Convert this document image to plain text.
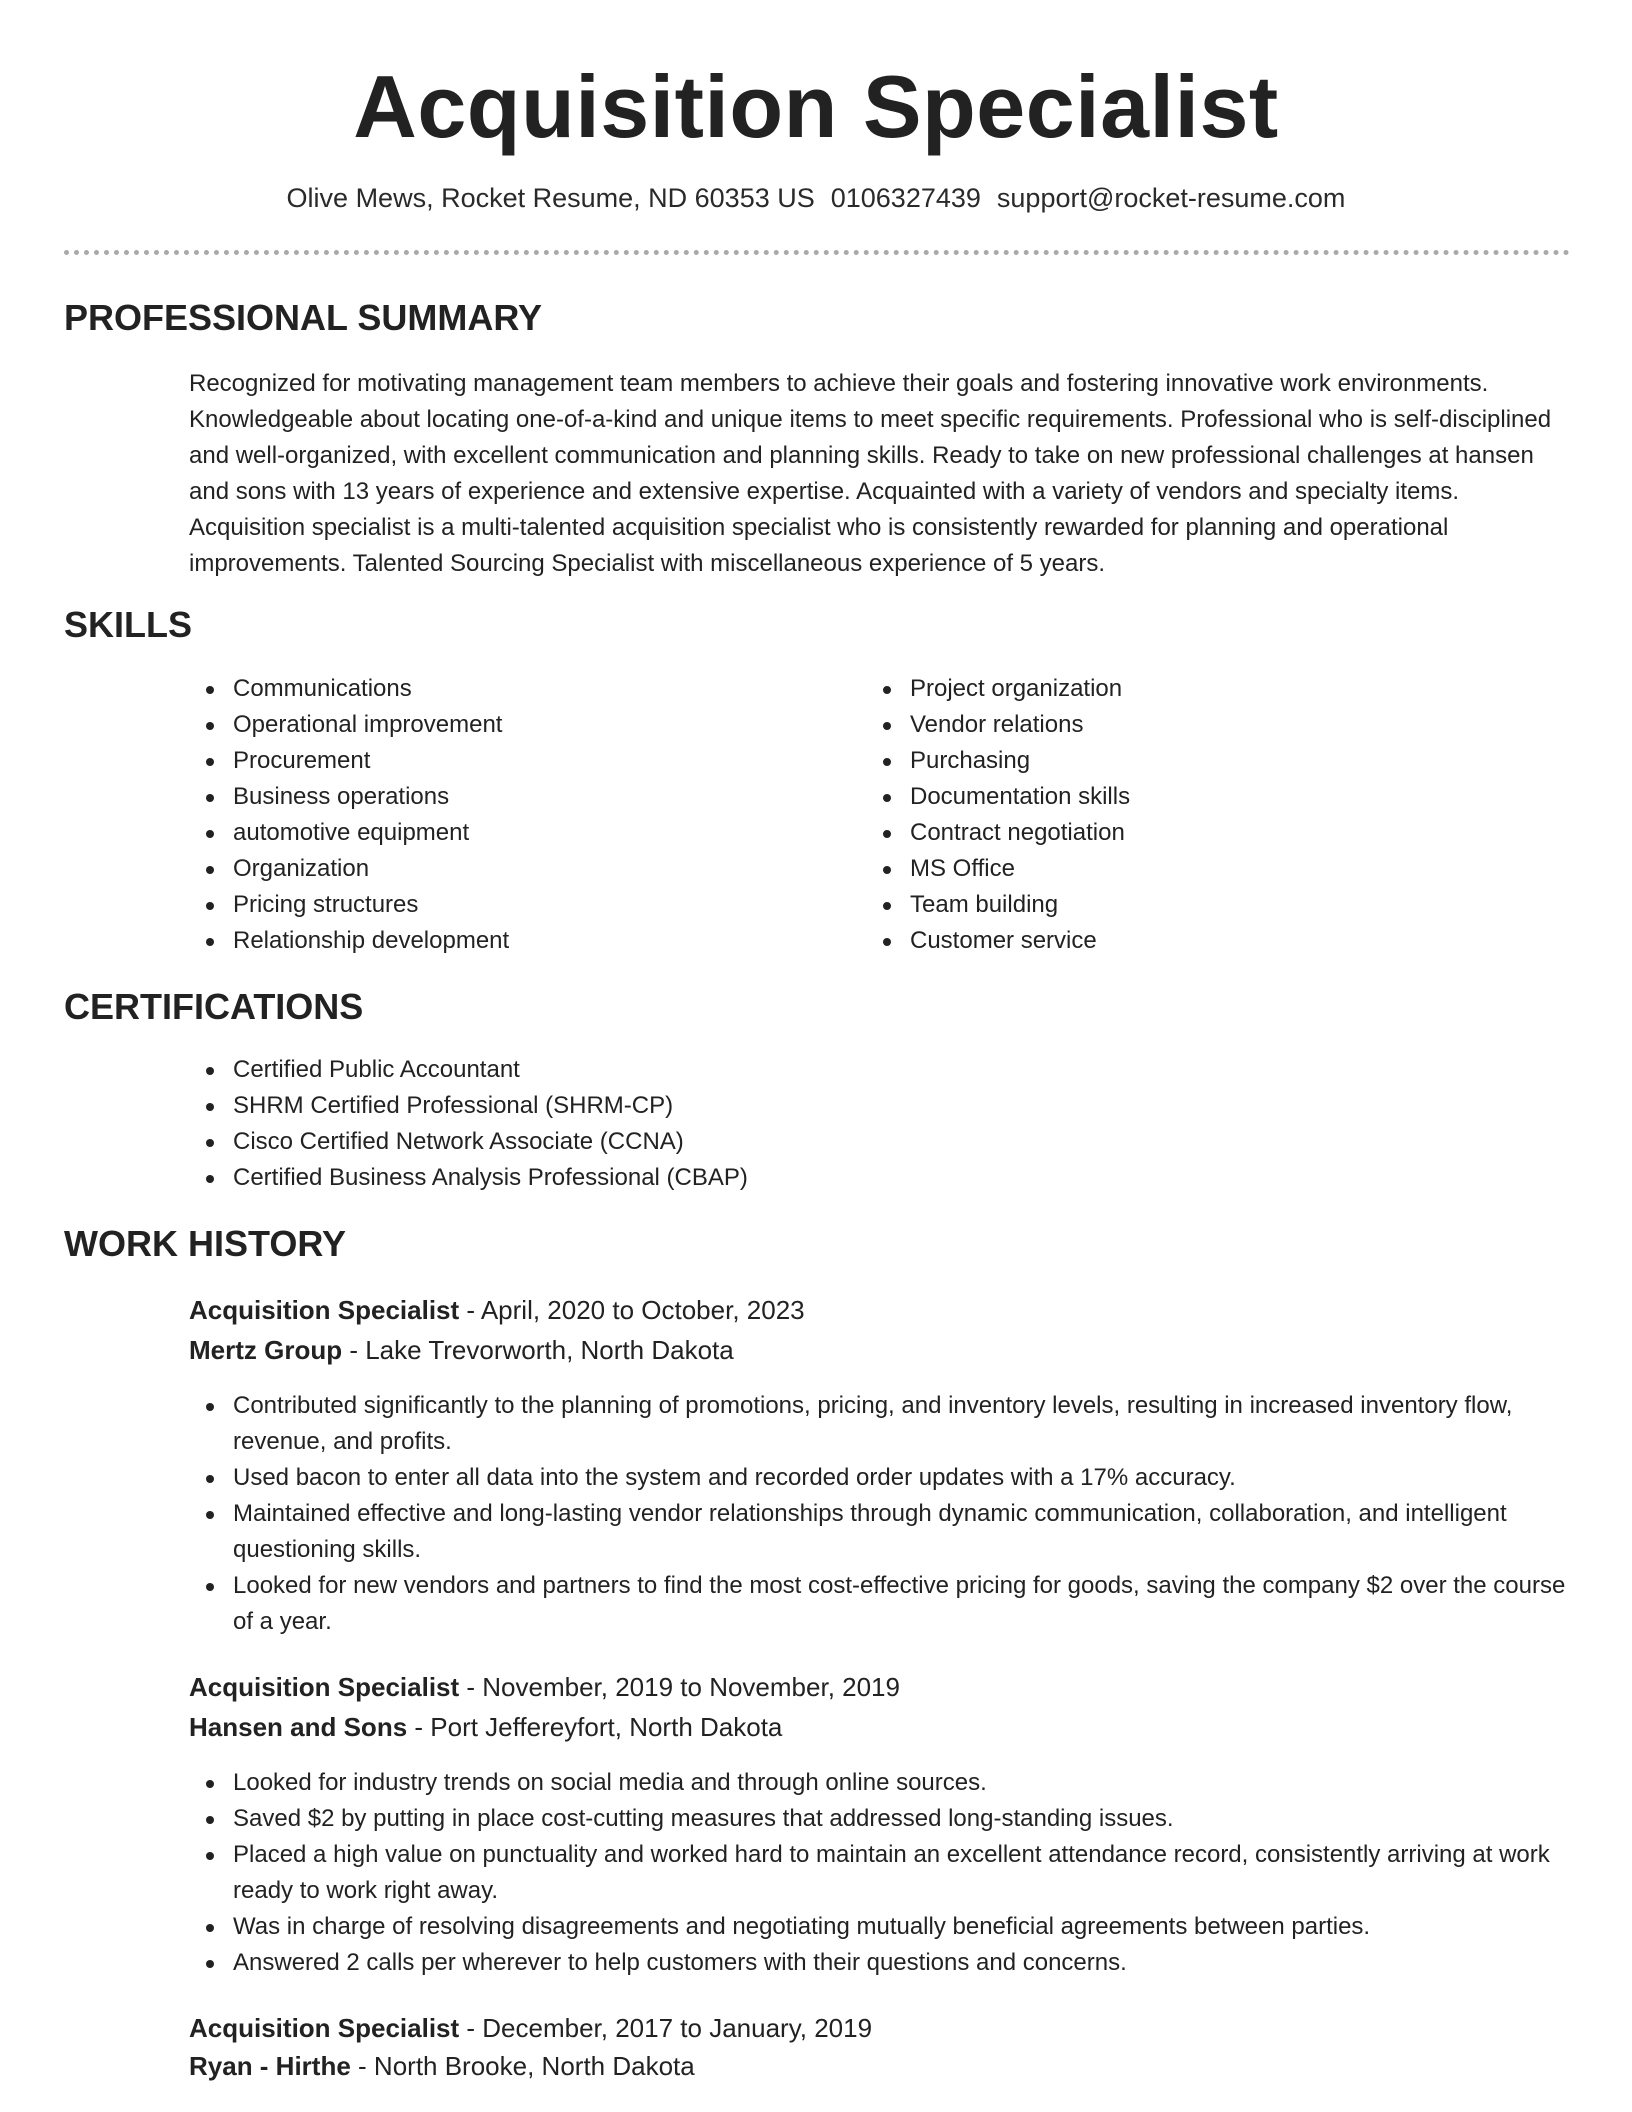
Acquisition Specialist
Olive Mews, Rocket Resume, ND 60353 US 0106327439 support@rocket-resume.com
PROFESSIONAL SUMMARY

Recognized for motivating management team members to achieve their goals and fostering innovative work environments. Knowledgeable about locating one-of-a-kind and unique items to meet specific requirements. Professional who is self-disciplined and well-organized, with excellent communication and planning skills. Ready to take on new professional challenges at hansen and sons with 13 years of experience and extensive expertise. Acquainted with a variety of vendors and specialty items. Acquisition specialist is a multi-talented acquisition specialist who is consistently rewarded for planning and operational improvements. Talented Sourcing Specialist with miscellaneous experience of 5 years.

SKILLS
Communications
Operational improvement
Procurement
Business operations
automotive equipment
Organization
Pricing structures
Relationship development
Project organization
Vendor relations
Purchasing
Documentation skills
Contract negotiation
MS Office
Team building
Customer service
CERTIFICATIONS
Certified Public Accountant
SHRM Certified Professional (SHRM-CP)
Cisco Certified Network Associate (CCNA)
Certified Business Analysis Professional (CBAP)
WORK HISTORY
Acquisition Specialist - April, 2020 to October, 2023
Mertz Group - Lake Trevorworth, North Dakota
Contributed significantly to the planning of promotions, pricing, and inventory levels, resulting in increased inventory flow, revenue, and profits.
Used bacon to enter all data into the system and recorded order updates with a 17% accuracy.
Maintained effective and long-lasting vendor relationships through dynamic communication, collaboration, and intelligent questioning skills.
Looked for new vendors and partners to find the most cost-effective pricing for goods, saving the company $2 over the course of a year.
Acquisition Specialist - November, 2019 to November, 2019
Hansen and Sons - Port Jeffereyfort, North Dakota
Looked for industry trends on social media and through online sources.
Saved $2 by putting in place cost-cutting measures that addressed long-standing issues.
Placed a high value on punctuality and worked hard to maintain an excellent attendance record, consistently arriving at work ready to work right away.
Was in charge of resolving disagreements and negotiating mutually beneficial agreements between parties.
Answered 2 calls per wherever to help customers with their questions and concerns.
Acquisition Specialist - December, 2017 to January, 2019
Ryan - Hirthe - North Brooke, North Dakota
